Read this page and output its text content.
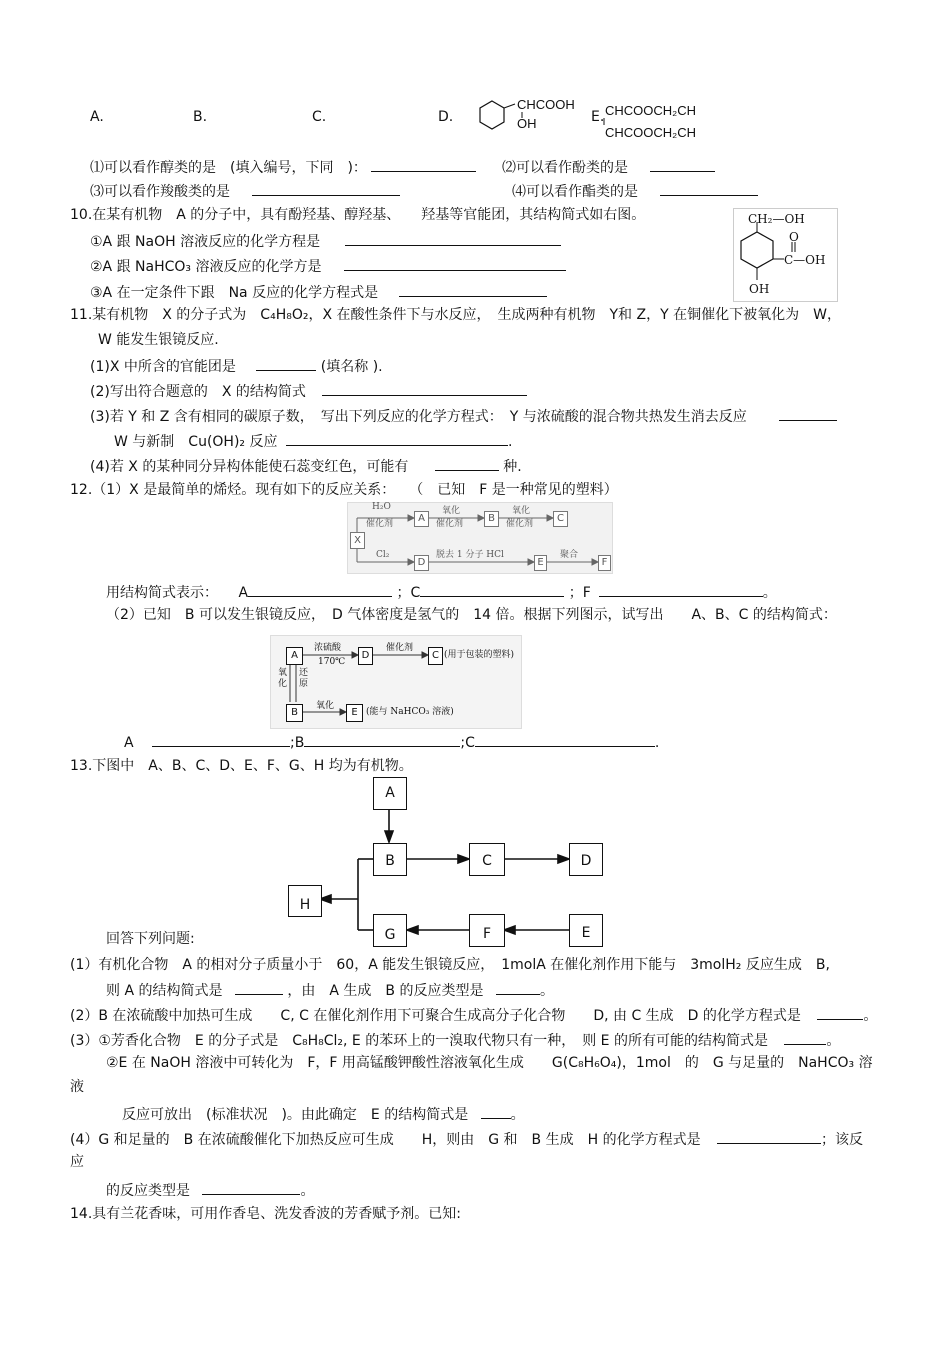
A.	B.	C.	D.
CHCOOH
OH	E. CHCOOCH₂CH
CHCOOCH₂CH
⑴可以看作醇类的是　(填入编号，下同　)：	⑵可以看作酚类的是
⑶可以看作羧酸类的是	⑷可以看作酯类的是
10.在某有机物　A 的分子中，具有酚羟基、醇羟基、　　羟基等官能团，其结构简式如右图。
①A 跟 NaOH 溶液反应的化学方程是
②A 跟 NaHCO₃ 溶液反应的化学方是
③A 在一定条件下跟　Na 反应的化学方程式是
CH₂—OH
O
C—OH
OH
11.某有机物　X 的分子式为　C₄H₈O₂，X 在酸性条件下与水反应，　生成两种有机物　Y和 Z，Y 在铜催化下被氧化为　W，
W 能发生银镜反应.
(1)X 中所含的官能团是	(填名称 ).
(2)写出符合题意的　X 的结构简式
(3)若 Y 和 Z 含有相同的碳原子数，　写出下列反应的化学方程式：　Y 与浓硫酸的混合物共热发生消去反应
W 与新制　Cu(OH)₂ 反应	.
(4)若 X 的某种同分异构体能使石蕊变红色，可能有	种.
12.（1）X 是最简单的烯烃。现有如下的反应关系：　　（　已知　F 是一种常见的塑料）
X
A	B	C
D	E	F
H₂O
催化剂
氧化
催化剂
氧化
催化剂
Cl₂	脱去 1 分子 HCl	聚合
用结构简式表示： A	；C	；F	。
（2）已知　B 可以发生银镜反应，　D 气体密度是氢气的　14 倍。根据下列图示，试写出　　A、B、C 的结构简式：
A	D	C
B	E
浓硫酸
170℃
催化剂
(用于包装的塑料)
氧化
还原
氧化
(能与 NaHCO₃ 溶液)
A	;B	;C	.
13.下图中　A、B、C、D、E、F、G、H 均为有机物。
A
B	C	D
H
G	F	E
回答下列问题:
(1）有机化合物　A 的相对分子质量小于　60，A 能发生银镜反应，　1molA 在催化剂作用下能与　3molH₂ 反应生成　B,
则 A 的结构简式是	，由　A 生成　B 的反应类型是	。
(2）B 在浓硫酸中加热可生成　　C, C 在催化剂作用下可聚合生成高分子化合物　　D, 由 C 生成　D 的化学方程式是	。
(3）①芳香化合物　E 的分子式是　C₈H₈Cl₂, E 的苯环上的一溴取代物只有一种，　则 E 的所有可能的结构简式是	。
②E 在 NaOH 溶液中可转化为　F，F 用高锰酸钾酸性溶液氧化生成　　G(C₈H₆O₄)，1mol　的　G 与足量的　NaHCO₃ 溶
液
反应可放出　(标准状况　)。由此确定　E 的结构简式是	。
(4）G 和足量的　B 在浓硫酸催化下加热反应可生成　　H，则由　G 和　B 生成　H 的化学方程式是	；该反
应
的反应类型是	。
14.具有兰花香味，可用作香皂、洗发香波的芳香赋予剂。已知:
